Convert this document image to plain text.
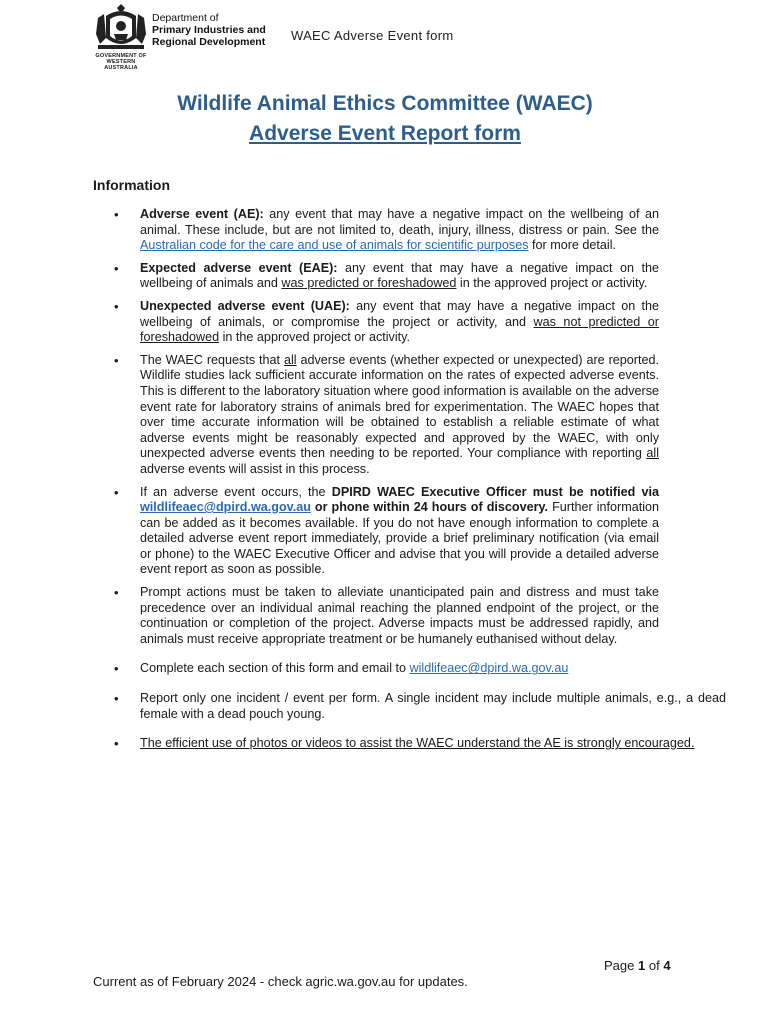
GOVERNMENT OF
WESTERN AUSTRALIA
Department of
Primary Industries and
Regional Development WAEC Adverse Event form
Wildlife Animal Ethics Committee (WAEC)
Adverse Event Report form
Information
• Adverse event (AE): any event that may have a negative impact on the wellbeing of an animal. These include, but are not limited to, death, injury, illness, distress or pain. See the Australian code for the care and use of animals for scientific purposes for more detail.
• Expected adverse event (EAE): any event that may have a negative impact on the wellbeing of animals and was predicted or foreshadowed in the approved project or activity.
• Unexpected adverse event (UAE): any event that may have a negative impact on the wellbeing of animals, or compromise the project or activity, and was not predicted or foreshadowed in the approved project or activity.
• The WAEC requests that all adverse events (whether expected or unexpected) are reported. Wildlife studies lack sufficient accurate information on the rates of expected adverse events. This is different to the laboratory situation where good information is available on the adverse event rate for laboratory strains of animals bred for experimentation. The WAEC hopes that over time accurate information will be obtained to establish a reliable estimate of what adverse events might be reasonably expected and approved by the WAEC, with only unexpected adverse events then needing to be reported. Your compliance with reporting all adverse events will assist in this process.
• If an adverse event occurs, the DPIRD WAEC Executive Officer must be notified via wildlifeaec@dpird.wa.gov.au or phone within 24 hours of discovery. Further information can be added as it becomes available. If you do not have enough information to complete a detailed adverse event report immediately, provide a brief preliminary notification (via email or phone) to the WAEC Executive Officer and advise that you will provide a detailed adverse event report as soon as possible.
• Prompt actions must be taken to alleviate unanticipated pain and distress and must take precedence over an individual animal reaching the planned endpoint of the project, or the continuation or completion of the project. Adverse impacts must be addressed rapidly, and animals must receive appropriate treatment or be humanely euthanised without delay.
• Complete each section of this form and email to wildlifeaec@dpird.wa.gov.au
• Report only one incident / event per form. A single incident may include multiple animals, e.g., a dead female with a dead pouch young.
• The efficient use of photos or videos to assist the WAEC understand the AE is strongly encouraged.
Page 1 of 4
Current as of February 2024 - check agric.wa.gov.au for updates.
